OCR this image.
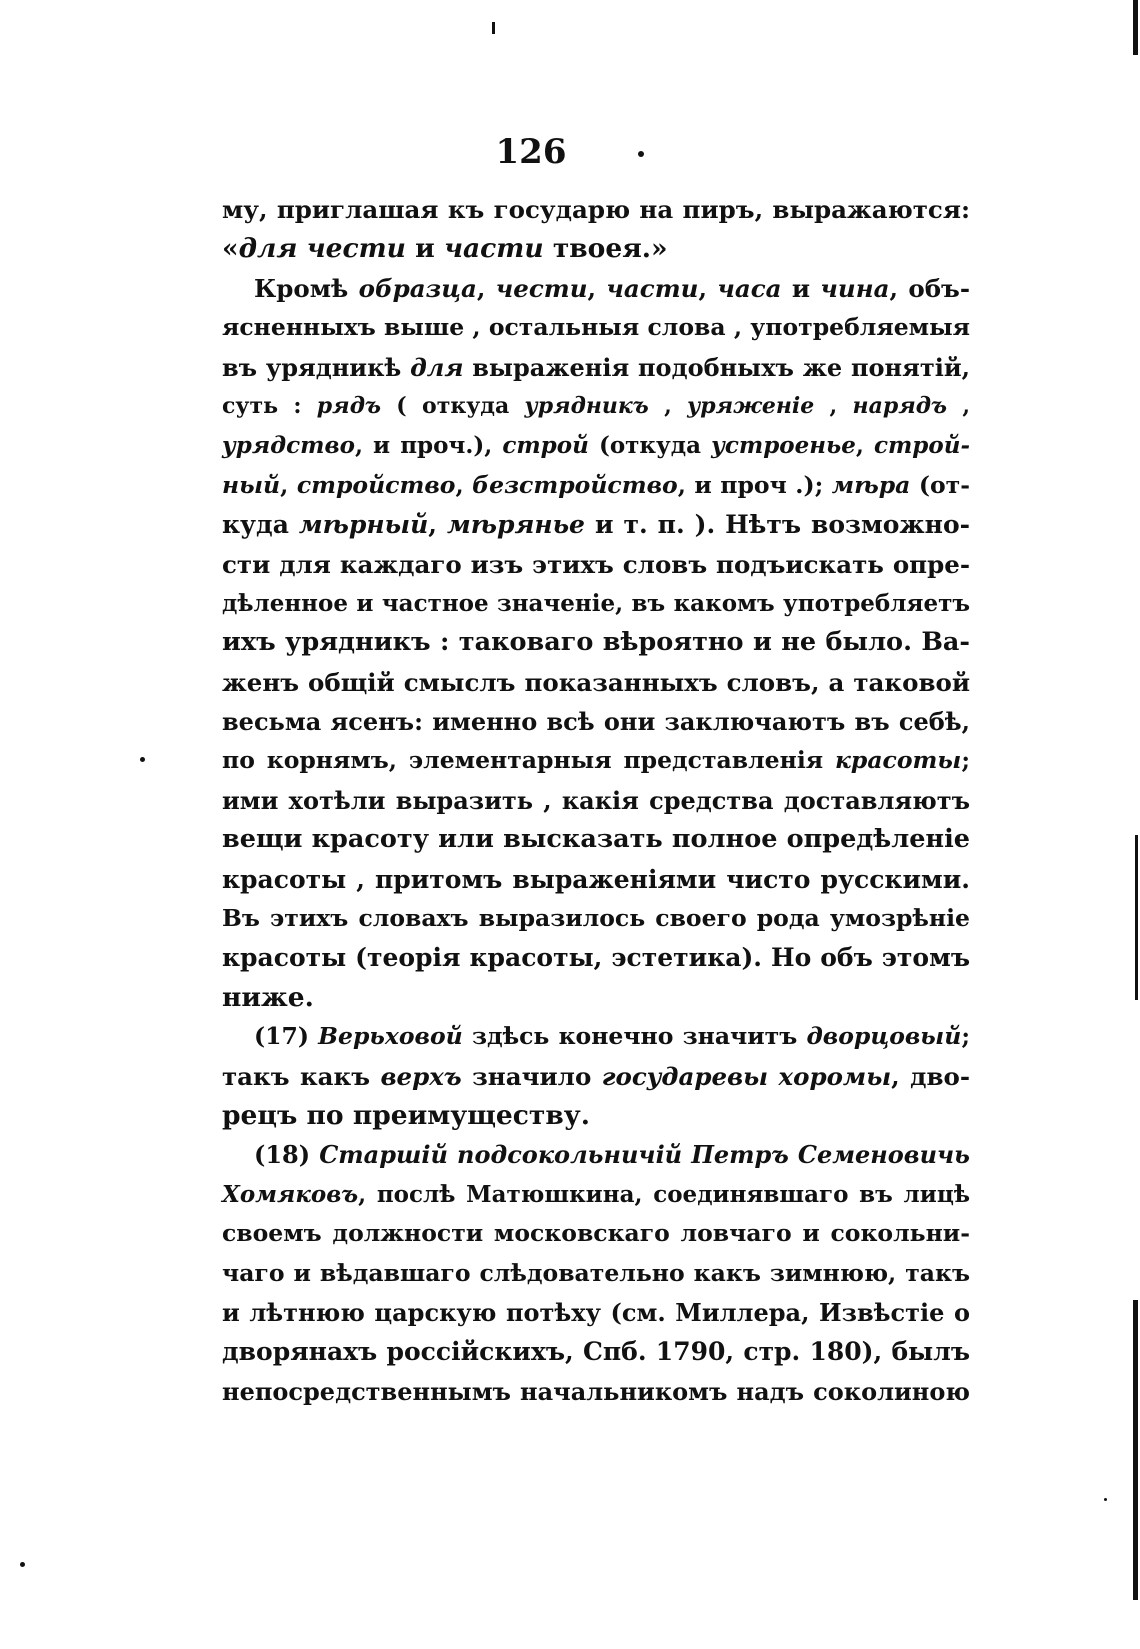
126
му, приглашая къ государю на пиръ, выражаются:
«для чести и части твоея.»
Кромѣ образца, чести, части, часа и чина, объ-
ясненныхъ выше , остальныя слова , употребляемыя
въ урядникѣ для выраженія подобныхъ же понятій,
суть : рядъ ( откуда урядникъ , уряженіе , нарядъ ,
урядство, и проч.), строй (откуда устроенье, строй-
ный, стройство, безстройство, и проч .); мѣра (от-
куда мѣрный, мѣрянье и т. п. ). Нѣтъ возможно-
сти для каждаго изъ этихъ словъ подъискать опре-
дѣленное и частное значеніе, въ какомъ употребляетъ
ихъ урядникъ : таковаго вѣроятно и не было. Ва-
женъ общій смыслъ показанныхъ словъ, а таковой
весьма ясенъ: именно всѣ они заключаютъ въ себѣ,
по корнямъ, элементарныя представленія красоты;
ими хотѣли выразить , какія средства доставляютъ
вещи красоту или высказать полное опредѣленіе
красоты , притомъ выраженіями чисто русскими.
Въ этихъ словахъ выразилось своего рода умозрѣніе
красоты (теорія красоты, эстетика). Но объ этомъ
ниже.
(17) Верьховой здѣсь конечно значитъ дворцовый;
такъ какъ верхъ значило государевы хоромы, дво-
рецъ по преимуществу.
(18) Старшій подсокольничій Петръ Семеновичь
Хомяковъ, послѣ Матюшкина, соединявшаго въ лицѣ
своемъ должности московскаго ловчаго и сокольни-
чаго и вѣдавшаго слѣдовательно какъ зимнюю, такъ
и лѣтнюю царскую потѣху (см. Миллера, Извѣстіе о
дворянахъ россійскихъ, Спб. 1790, стр. 180), былъ
непосредственнымъ начальникомъ надъ соколиною
